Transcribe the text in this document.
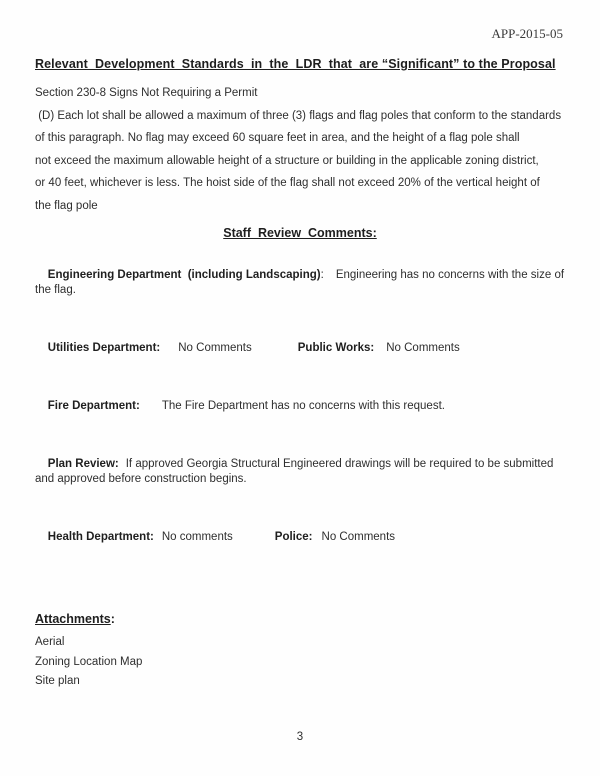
APP-2015-05
Relevant  Development  Standards  in  the  LDR  that  are “Significant” to the Proposal
Section 230-8 Signs Not Requiring a Permit
(D) Each lot shall be allowed a maximum of three (3) flags and flag poles that conform to the standards
of this paragraph. No flag may exceed 60 square feet in area, and the height of a flag pole shall
not exceed the maximum allowable height of a structure or building in the applicable zoning district,
or 40 feet, whichever is less. The hoist side of the flag shall not exceed 20% of the vertical height of
the flag pole
Staff  Review  Comments:

Engineering Department  (including Landscaping): Engineering has no concerns with the size of the flag.

Utilities Department: No Comments	Public Works: No Comments

Fire Department: The Fire Department has no concerns with this request.

Plan Review: If approved Georgia Structural Engineered drawings will be required to be submitted and approved before construction begins.

Health Department: No comments	Police: No Comments

Attachments:
Aerial
Zoning Location Map
Site plan
3
